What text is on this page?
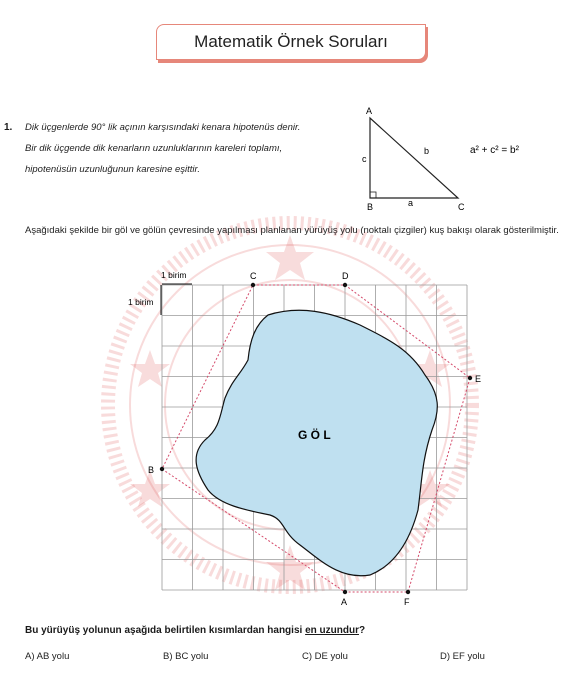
Matematik Örnek Soruları
1. Dik üçgenlerde 90° lik açının karşısındaki kenara hipotenüs denir.
Bir dik üçgende dik kenarların uzunluklarının kareleri toplamı,
hipotenüsün uzunluğunun karesine eşittir.
A
B	C
a
b
c
a² + c² = b²
Aşağıdaki şekilde bir göl ve gölün çevresinde yapılması planlanan yürüyüş yolu (noktalı çizgiler) kuş bakışı olarak gösterilmiştir.
C	D
E
B
A	F
G Ö L
1 birim
1 birim
Bu yürüyüş yolunun aşağıda belirtilen kısımlardan hangisi en uzundur?
A) AB yolu	B) BC yolu	C) DE yolu	D) EF yolu
